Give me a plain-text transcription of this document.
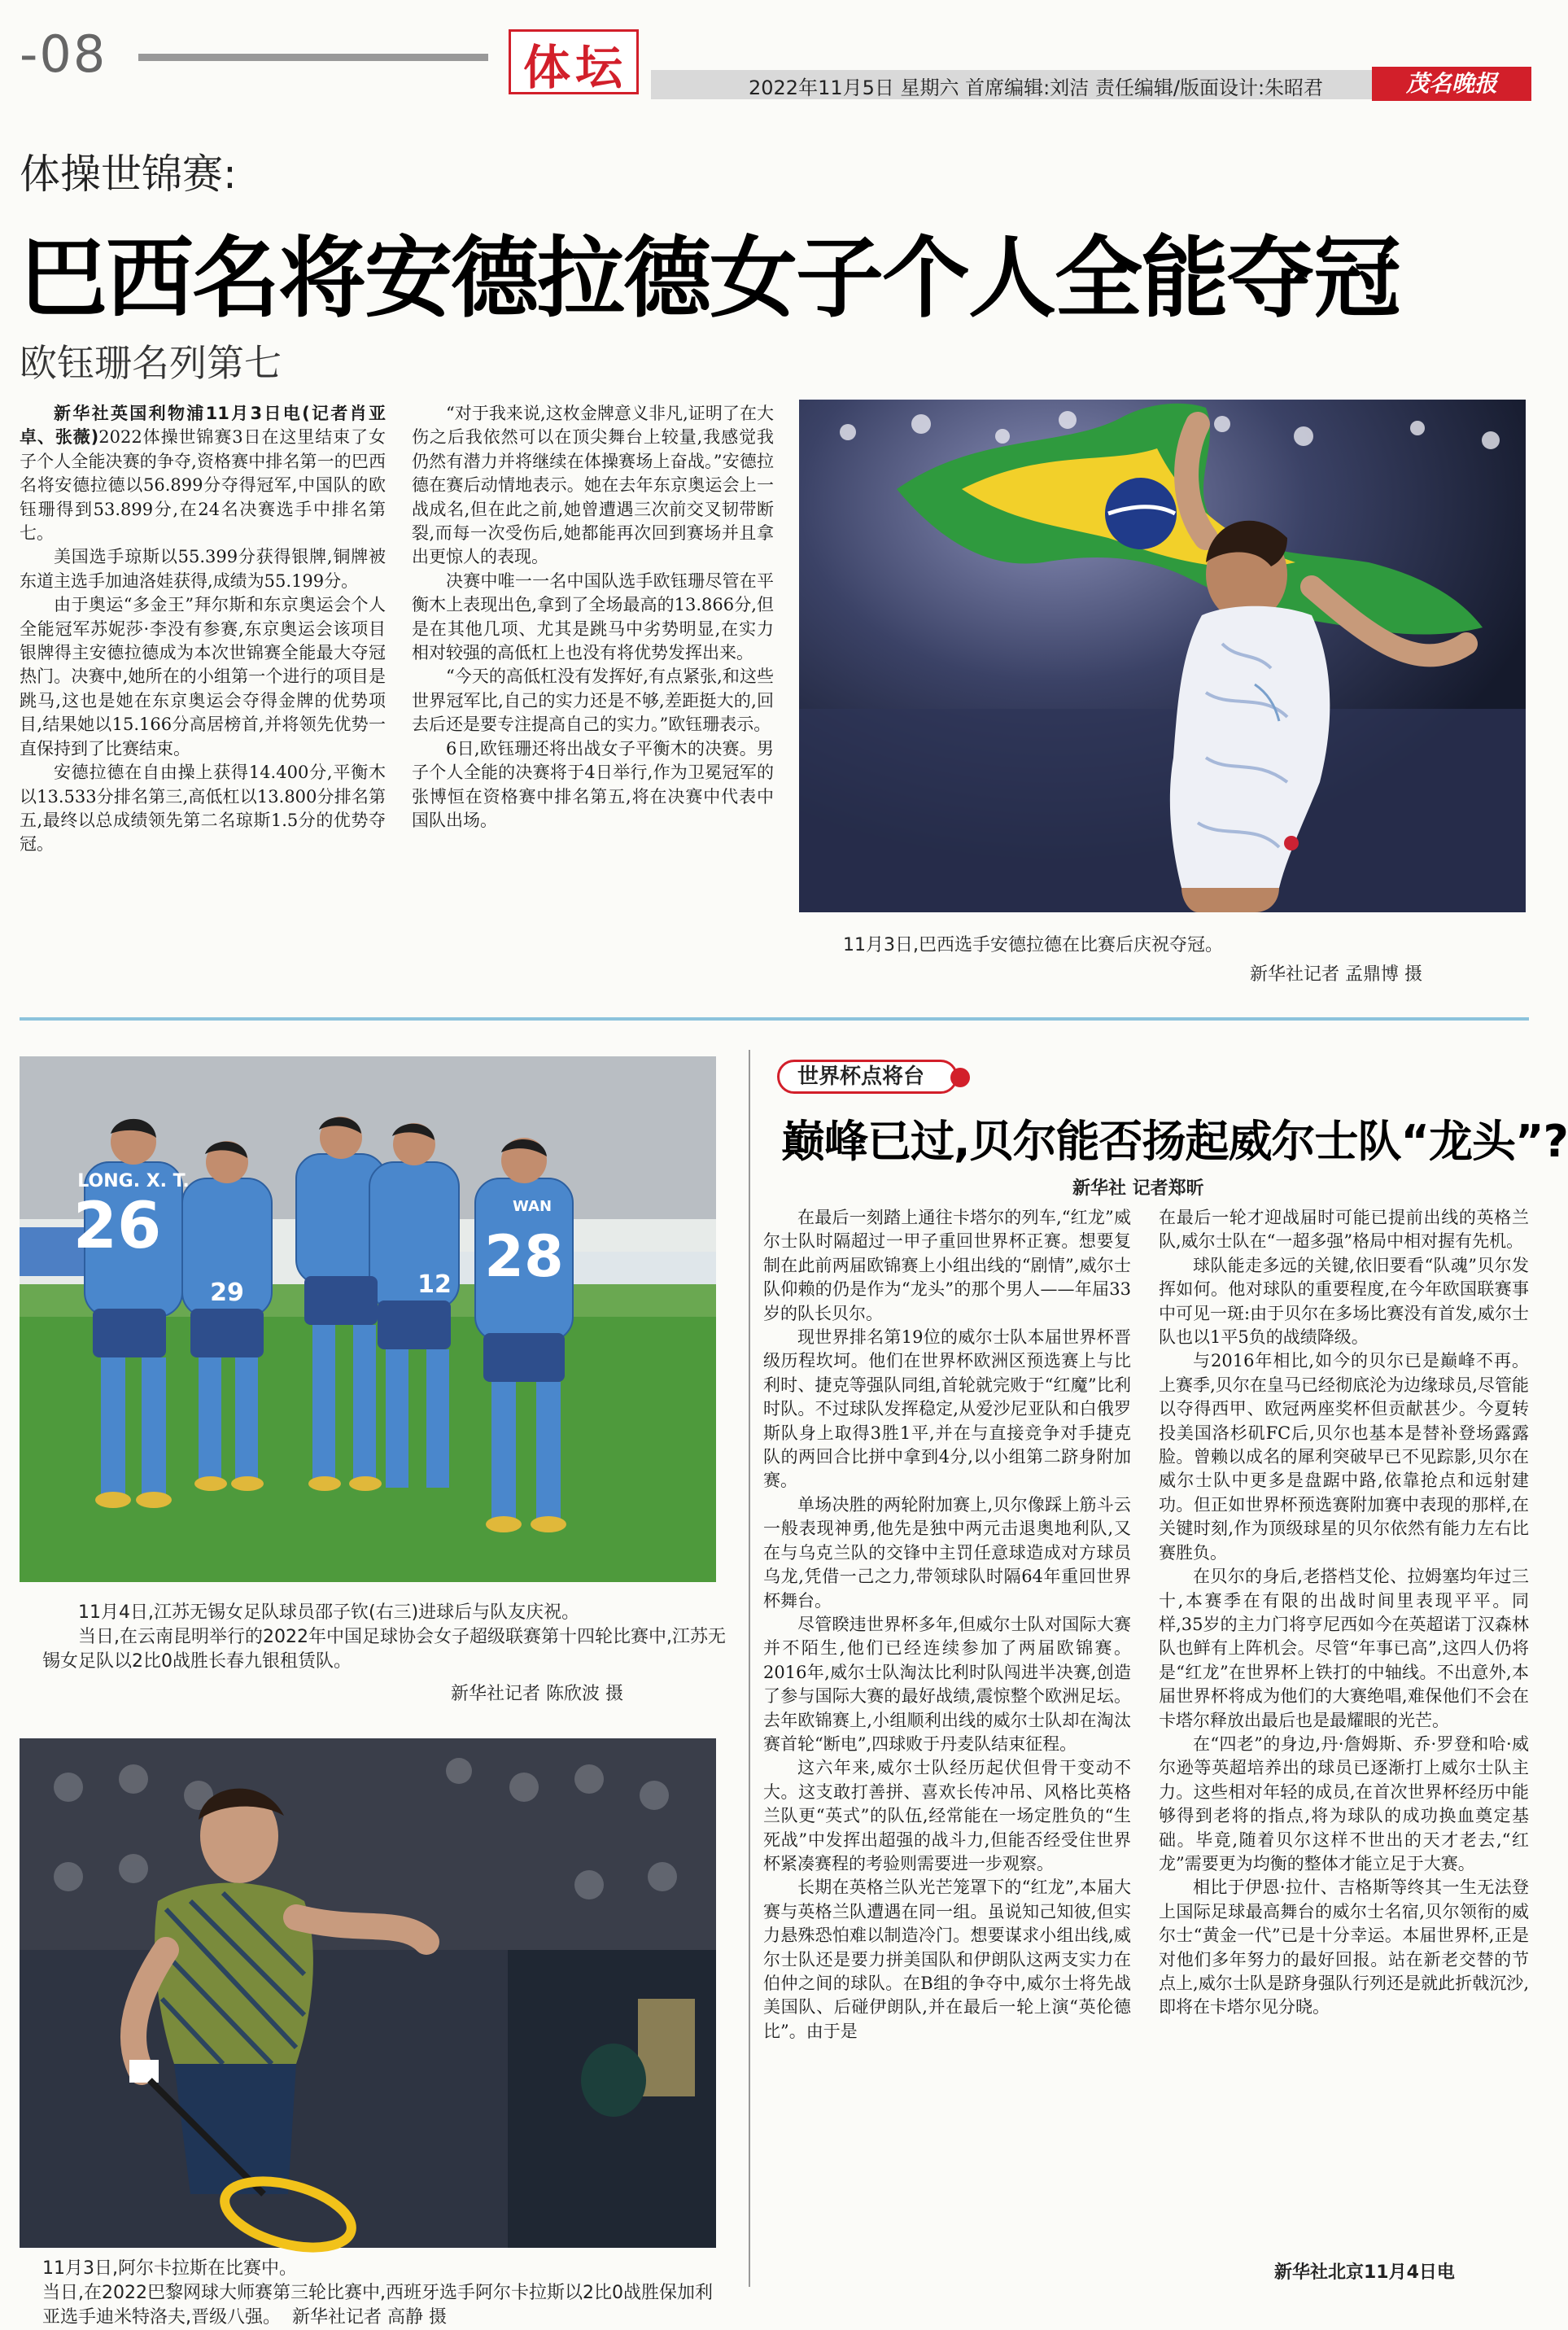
-08	体坛	2022年11月5日 星期六 首席编辑:刘洁 责任编辑/版面设计:朱昭君	茂名晚报
体操世锦赛:
巴西名将安德拉德女子个人全能夺冠
欧钰珊名列第七

新华社英国利物浦11月3日电(记者肖亚卓、张薇)2022体操世锦赛3日在这里结束了女子个人全能决赛的争夺,资格赛中排名第一的巴西名将安德拉德以56.899分夺得冠军,中国队的欧钰珊得到53.899分,在24名决赛选手中排名第七。

美国选手琼斯以55.399分获得银牌,铜牌被东道主选手加迪洛娃获得,成绩为55.199分。

由于奥运“多金王”拜尔斯和东京奥运会个人全能冠军苏妮莎·李没有参赛,东京奥运会该项目银牌得主安德拉德成为本次世锦赛全能最大夺冠热门。决赛中,她所在的小组第一个进行的项目是跳马,这也是她在东京奥运会夺得金牌的优势项目,结果她以15.166分高居榜首,并将领先优势一直保持到了比赛结束。

安德拉德在自由操上获得14.400分,平衡木以13.533分排名第三,高低杠以13.800分排名第五,最终以总成绩领先第二名琼斯1.5分的优势夺冠。

“对于我来说,这枚金牌意义非凡,证明了在大伤之后我依然可以在顶尖舞台上较量,我感觉我仍然有潜力并将继续在体操赛场上奋战。”安德拉德在赛后动情地表示。她在去年东京奥运会上一战成名,但在此之前,她曾遭遇三次前交叉韧带断裂,而每一次受伤后,她都能再次回到赛场并且拿出更惊人的表现。

决赛中唯一一名中国队选手欧钰珊尽管在平衡木上表现出色,拿到了全场最高的13.866分,但是在其他几项、尤其是跳马中劣势明显,在实力相对较强的高低杠上也没有将优势发挥出来。

“今天的高低杠没有发挥好,有点紧张,和这些世界冠军比,自己的实力还是不够,差距挺大的,回去后还是要专注提高自己的实力。”欧钰珊表示。

6日,欧钰珊还将出战女子平衡木的决赛。男子个人全能的决赛将于4日举行,作为卫冕冠军的张博恒在资格赛中排名第五,将在决赛中代表中国队出场。

11月3日,巴西选手安德拉德在比赛后庆祝夺冠。
新华社记者 孟鼎博 摄
26
29	12 28
LONG. X. T.
WAN

11月4日,江苏无锡女足队球员邵子钦(右三)进球后与队友庆祝。

当日,在云南昆明举行的2022年中国足球协会女子超级联赛第十四轮比赛中,江苏无锡女足队以2比0战胜长春九银租赁队。

新华社记者 陈欣波 摄

11月3日,阿尔卡拉斯在比赛中。

当日,在2022巴黎网球大师赛第三轮比赛中,西班牙选手阿尔卡拉斯以2比0战胜保加利亚选手迪米特洛夫,晋级八强。 新华社记者 高静 摄

世界杯点将台
巅峰已过,贝尔能否扬起威尔士队“龙头”?
新华社 记者郑昕

在最后一刻踏上通往卡塔尔的列车,“红龙”威尔士队时隔超过一甲子重回世界杯正赛。想要复制在此前两届欧锦赛上小组出线的“剧情”,威尔士队仰赖的仍是作为“龙头”的那个男人——年届33岁的队长贝尔。

现世界排名第19位的威尔士队本届世界杯晋级历程坎坷。他们在世界杯欧洲区预选赛上与比利时、捷克等强队同组,首轮就完败于“红魔”比利时队。不过球队发挥稳定,从爱沙尼亚队和白俄罗斯队身上取得3胜1平,并在与直接竞争对手捷克队的两回合比拼中拿到4分,以小组第二跻身附加赛。

单场决胜的两轮附加赛上,贝尔像踩上筋斗云一般表现神勇,他先是独中两元击退奥地利队,又在与乌克兰队的交锋中主罚任意球造成对方球员乌龙,凭借一己之力,带领球队时隔64年重回世界杯舞台。

尽管睽违世界杯多年,但威尔士队对国际大赛并不陌生,他们已经连续参加了两届欧锦赛。2016年,威尔士队淘汰比利时队闯进半决赛,创造了参与国际大赛的最好战绩,震惊整个欧洲足坛。去年欧锦赛上,小组顺利出线的威尔士队却在淘汰赛首轮“断电”,四球败于丹麦队结束征程。

这六年来,威尔士队经历起伏但骨干变动不大。这支敢打善拼、喜欢长传冲吊、风格比英格兰队更“英式”的队伍,经常能在一场定胜负的“生死战”中发挥出超强的战斗力,但能否经受住世界杯紧凑赛程的考验则需要进一步观察。

长期在英格兰队光芒笼罩下的“红龙”,本届大赛与英格兰队遭遇在同一组。虽说知己知彼,但实力悬殊恐怕难以制造冷门。想要谋求小组出线,威尔士队还是要力拼美国队和伊朗队这两支实力在伯仲之间的球队。在B组的争夺中,威尔士将先战美国队、后碰伊朗队,并在最后一轮上演“英伦德比”。由于是

在最后一轮才迎战届时可能已提前出线的英格兰队,威尔士队在“一超多强”格局中相对握有先机。

球队能走多远的关键,依旧要看“队魂”贝尔发挥如何。他对球队的重要程度,在今年欧国联赛事中可见一斑:由于贝尔在多场比赛没有首发,威尔士队也以1平5负的战绩降级。

与2016年相比,如今的贝尔已是巅峰不再。上赛季,贝尔在皇马已经彻底沦为边缘球员,尽管能以夺得西甲、欧冠两座奖杯但贡献甚少。今夏转投美国洛杉矶FC后,贝尔也基本是替补登场露露脸。曾赖以成名的犀利突破早已不见踪影,贝尔在威尔士队中更多是盘踞中路,依靠抢点和远射建功。但正如世界杯预选赛附加赛中表现的那样,在关键时刻,作为顶级球星的贝尔依然有能力左右比赛胜负。

在贝尔的身后,老搭档艾伦、拉姆塞均年过三十,本赛季在有限的出战时间里表现平平。同样,35岁的主力门将亨尼西如今在英超诺丁汉森林队也鲜有上阵机会。尽管“年事已高”,这四人仍将是“红龙”在世界杯上铁打的中轴线。不出意外,本届世界杯将成为他们的大赛绝唱,难保他们不会在卡塔尔释放出最后也是最耀眼的光芒。

在“四老”的身边,丹·詹姆斯、乔·罗登和哈·威尔逊等英超培养出的球员已逐渐打上威尔士队主力。这些相对年轻的成员,在首次世界杯经历中能够得到老将的指点,将为球队的成功换血奠定基础。毕竟,随着贝尔这样不世出的天才老去,“红龙”需要更为均衡的整体才能立足于大赛。

相比于伊恩·拉什、吉格斯等终其一生无法登上国际足球最高舞台的威尔士名宿,贝尔领衔的威尔士“黄金一代”已是十分幸运。本届世界杯,正是对他们多年努力的最好回报。站在新老交替的节点上,威尔士队是跻身强队行列还是就此折戟沉沙,即将在卡塔尔见分晓。

新华社北京11月4日电
